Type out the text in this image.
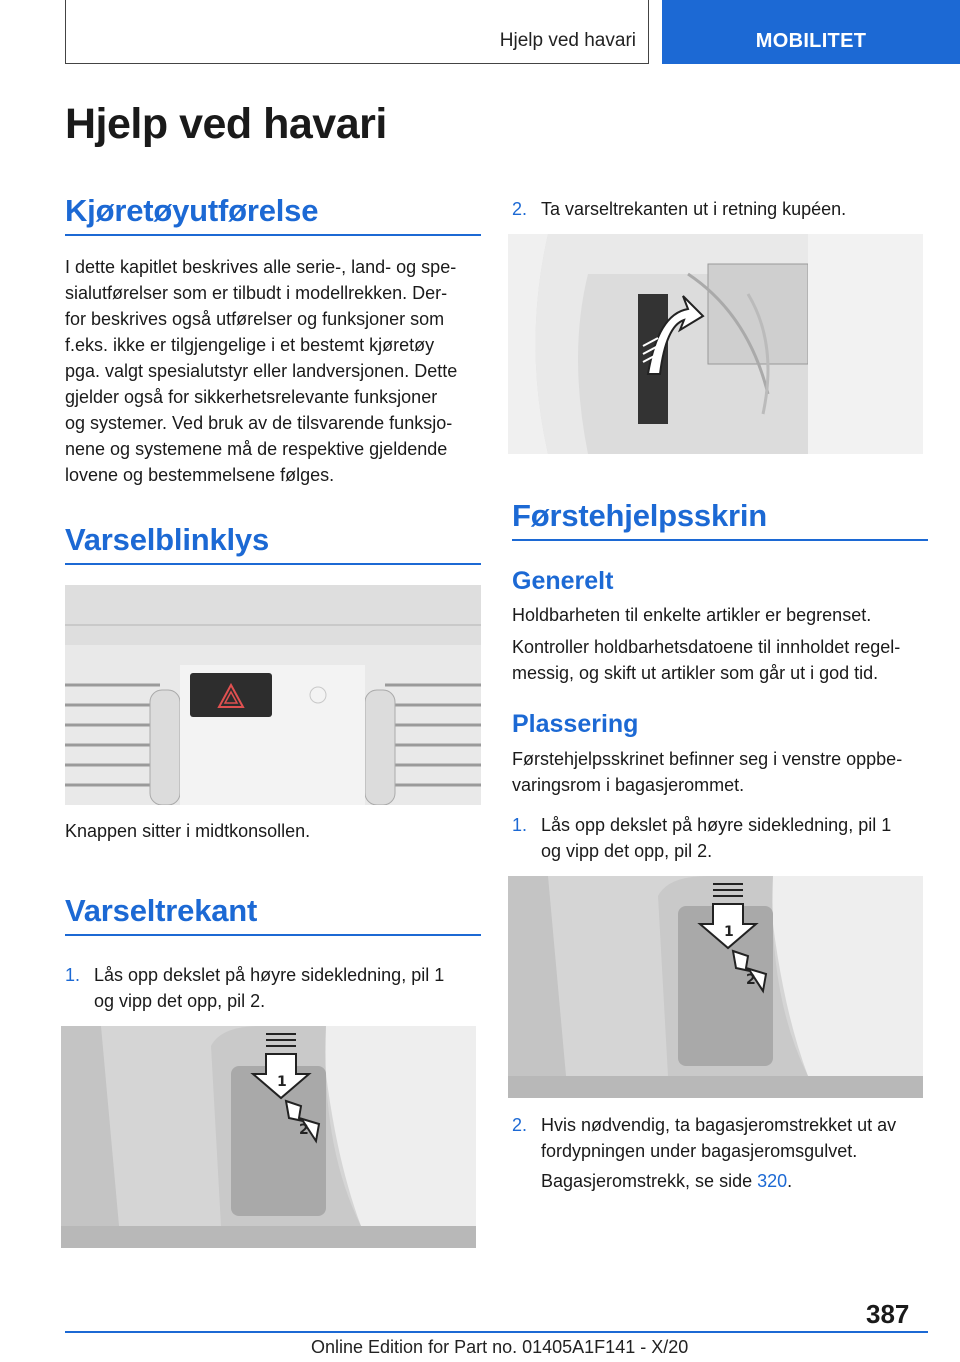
Hjelp ved havari	MOBILITET
Hjelp ved havari
Kjøretøyutførelse
I dette kapitlet beskrives alle serie-, land- og spe-
sialutførelser som er tilbudt i modellrekken. Der-
for beskrives også utførelser og funksjoner som
f.eks. ikke er tilgjengelige i et bestemt kjøretøy
pga. valgt spesialutstyr eller landversjonen. Dette
gjelder også for sikkerhetsrelevante funksjoner
og systemer. Ved bruk av de tilsvarende funksjo-
nene og systemene må de respektive gjeldende
lovene og bestemmelsene følges.
Varselblinklys
Knappen sitter i midtkonsollen.
Varseltrekant
1. Lås opp dekslet på høyre sidekledning, pil 1
og vipp det opp, pil 2.
1
2
2. Ta varseltrekanten ut i retning kupéen.
Førstehjelpsskrin
Generelt
Holdbarheten til enkelte artikler er begrenset.
Kontroller holdbarhetsdatoene til innholdet regel-
messig, og skift ut artikler som går ut i god tid.
Plassering
Førstehjelpsskrinet befinner seg i venstre oppbe-
varingsrom i bagasjerommet.
1. Lås opp dekslet på høyre sidekledning, pil 1
og vipp det opp, pil 2.
1
2
2. Hvis nødvendig, ta bagasjeromstrekket ut av
fordypningen under bagasjeromsgulvet.
Bagasjeromstrekk, se side 320.
387
Online Edition for Part no. 01405A1F141 - X/20
